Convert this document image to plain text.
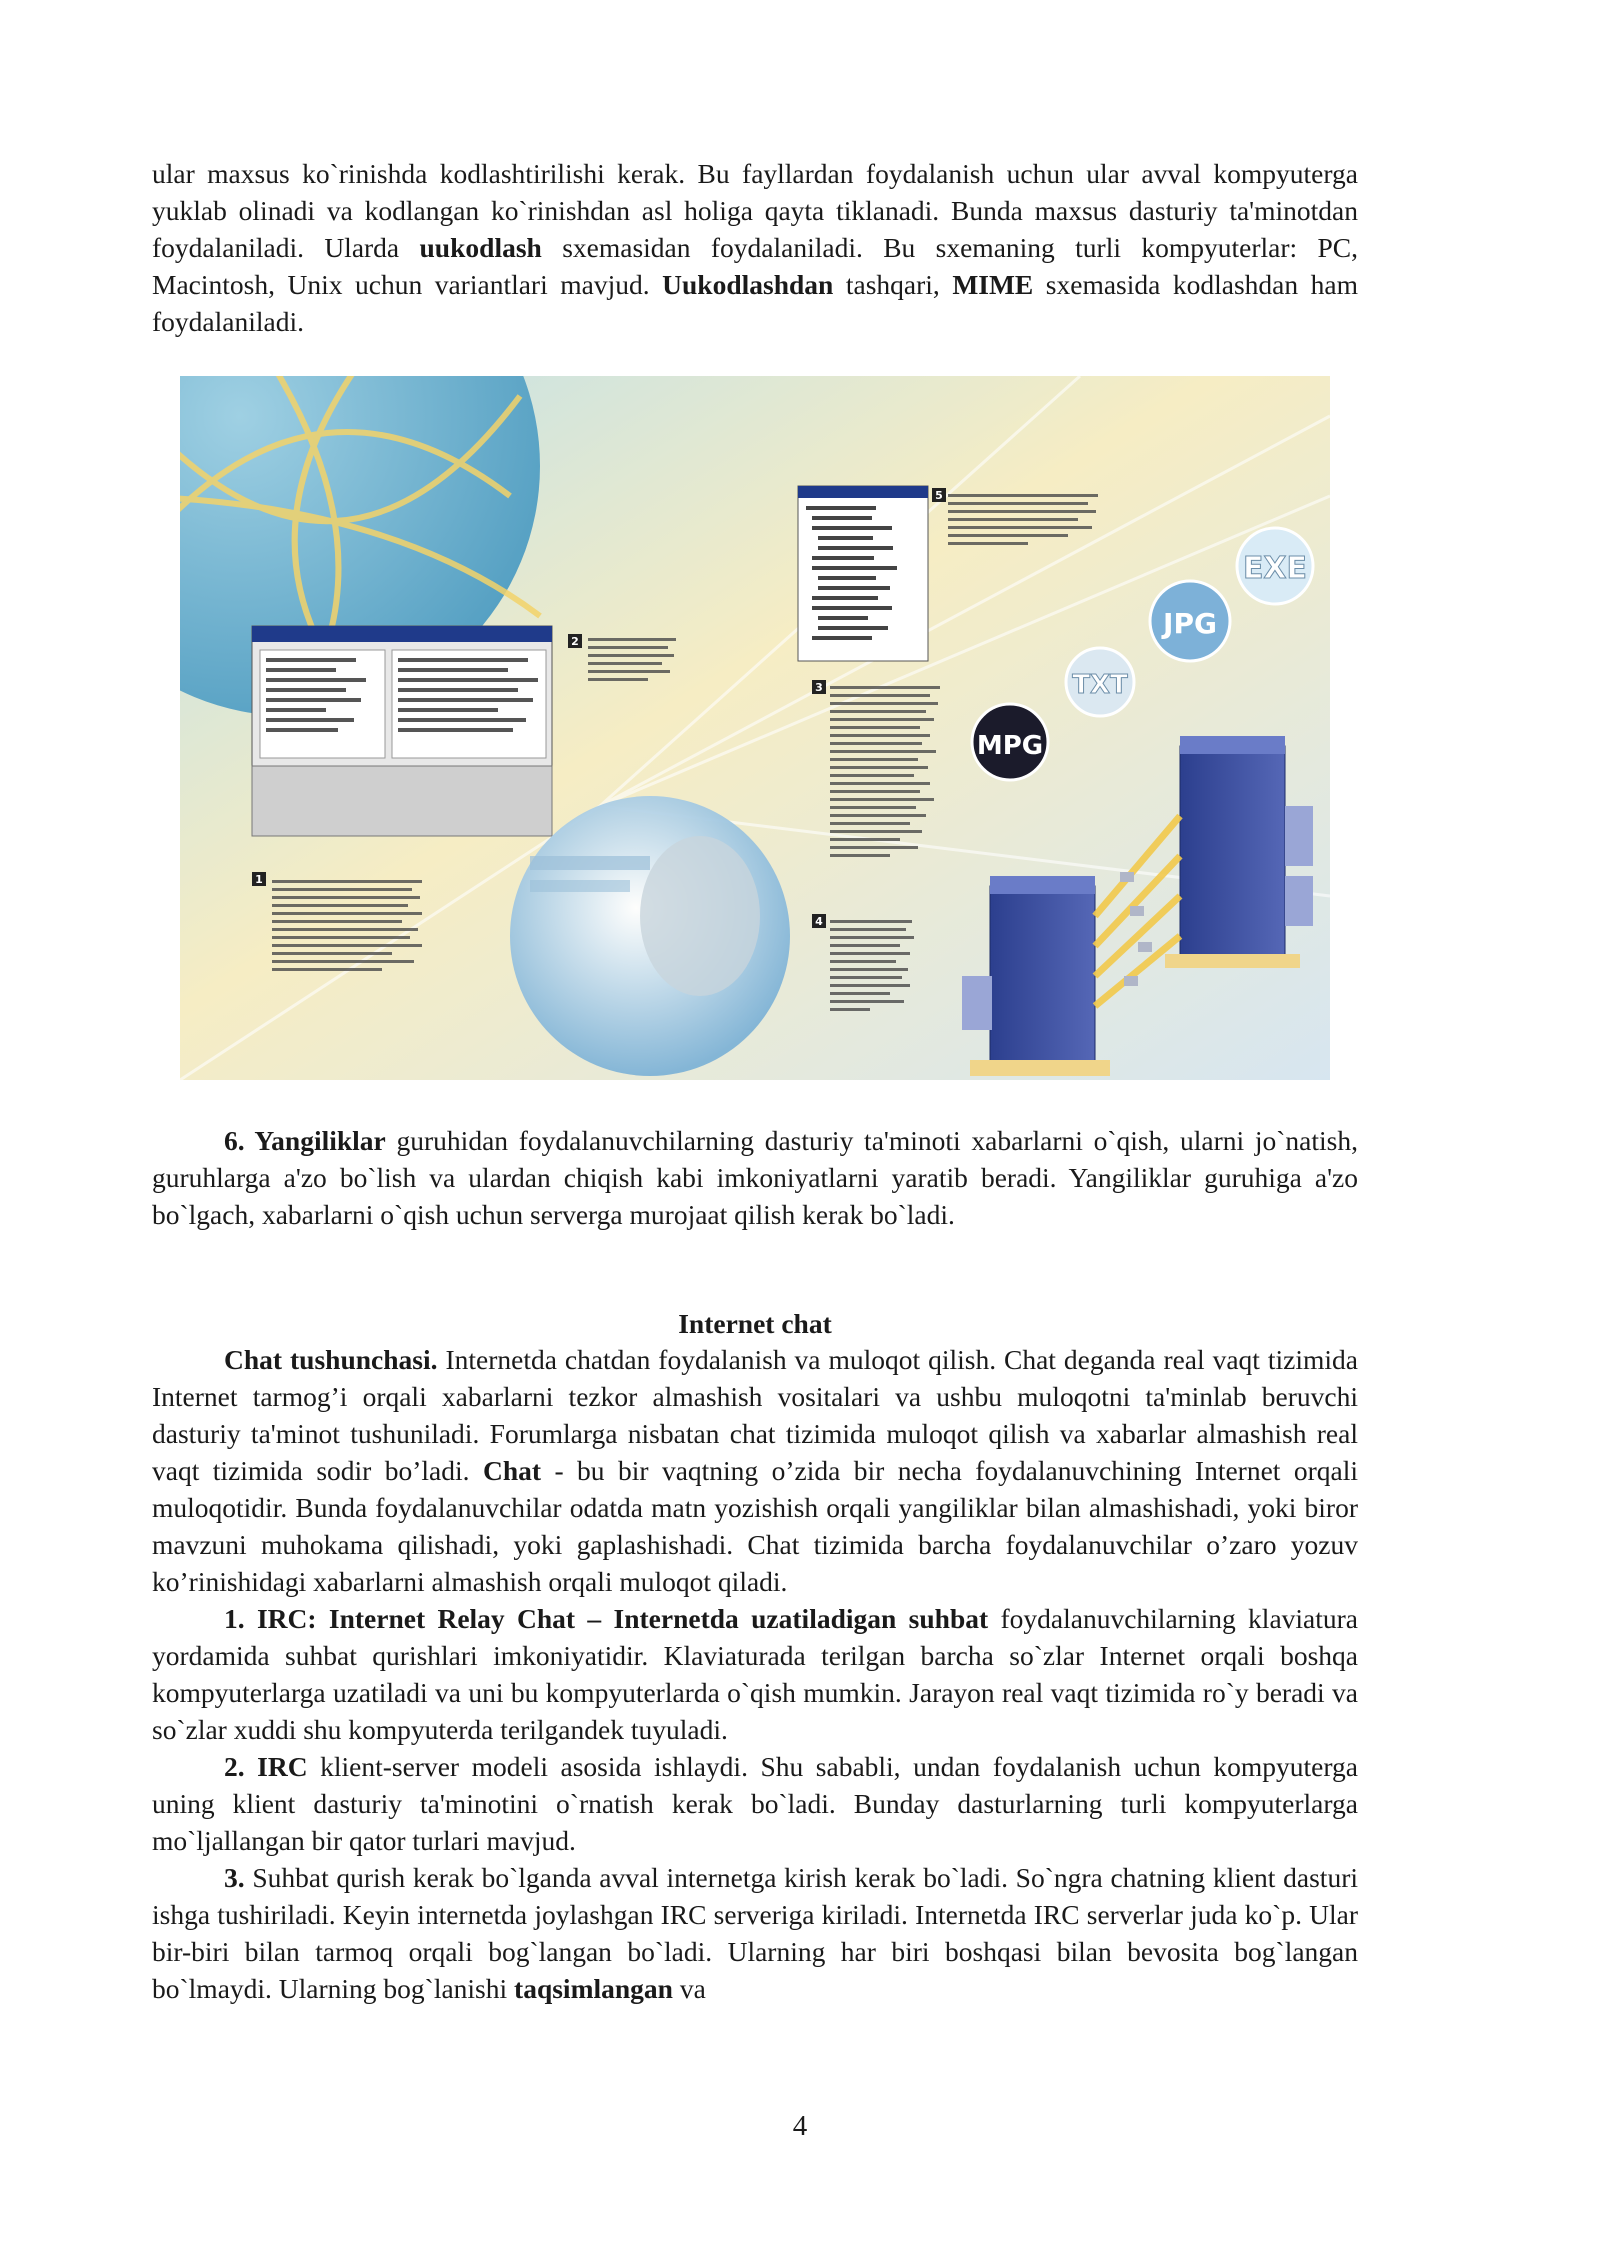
ular maxsus ko`rinishda kodlashtirilishi kerak. Bu fayllardan foydalanish uchun ular avval kompyuterga yuklab olinadi va kodlangan ko`rinishdan asl holiga qayta tiklanadi. Bunda maxsus dasturiy ta'minotdan foydalaniladi. Ularda uukodlash sxemasidan foydalaniladi. Bu sxemaning turli kompyuterlar: PC, Macintosh, Unix uchun variantlari mavjud. Uukodlashdan tashqari, MIME sxemasida kodlashdan ham foydalaniladi.

1
2
3
4
5
EXE
JPG
TXT
MPG

6. Yangiliklar guruhidan foydalanuvchilarning dasturiy ta'minoti xabarlarni o`qish, ularni jo`natish, guruhlarga a'zo bo`lish va ulardan chiqish kabi imkoniyatlarni yaratib beradi. Yangiliklar guruhiga a'zo bo`lgach, xabarlarni o`qish uchun serverga murojaat qilish kerak bo`ladi.

Internet chat

Chat tushunchasi. Internetda chatdan foydalanish va muloqot qilish. Chat deganda real vaqt tizimida Internet tarmog’i orqali xabarlarni tezkor almashish vositalari va ushbu muloqotni ta'minlab beruvchi dasturiy ta'minot tushuniladi. Forumlarga nisbatan chat tizimida muloqot qilish va xabarlar almashish real vaqt tizimida sodir bo’ladi. Chat - bu bir vaqtning o’zida bir necha foydalanuvchining Internet orqali muloqotidir. Bunda foydalanuvchilar odatda matn yozishish orqali yangiliklar bilan almashishadi, yoki biror mavzuni muhokama qilishadi, yoki gaplashishadi. Chat tizimida barcha foydalanuvchilar o’zaro yozuv ko’rinishidagi xabarlarni almashish orqali muloqot qiladi.

1. IRC: Internet Relay Chat – Internetda uzatiladigan suhbat foydalanuvchilarning klaviatura yordamida suhbat qurishlari imkoniyatidir. Klaviaturada terilgan barcha so`zlar Internet orqali boshqa kompyuterlarga uzatiladi va uni bu kompyuterlarda o`qish mumkin. Jarayon real vaqt tizimida ro`y beradi va so`zlar xuddi shu kompyuterda terilgandek tuyuladi.

2. IRC klient-server modeli asosida ishlaydi. Shu sababli, undan foydalanish uchun kompyuterga uning klient dasturiy ta'minotini o`rnatish kerak bo`ladi. Bunday dasturlarning turli kompyuterlarga mo`ljallangan bir qator turlari mavjud.

3. Suhbat qurish kerak bo`lganda avval internetga kirish kerak bo`ladi. So`ngra chatning klient dasturi ishga tushiriladi. Keyin internetda joylashgan IRC serveriga kiriladi. Internetda IRC serverlar juda ko`p. Ular bir-biri bilan tarmoq orqali bog`langan bo`ladi. Ularning har biri boshqasi bilan bevosita bog`langan bo`lmaydi. Ularning bog`lanishi taqsimlangan va

4
